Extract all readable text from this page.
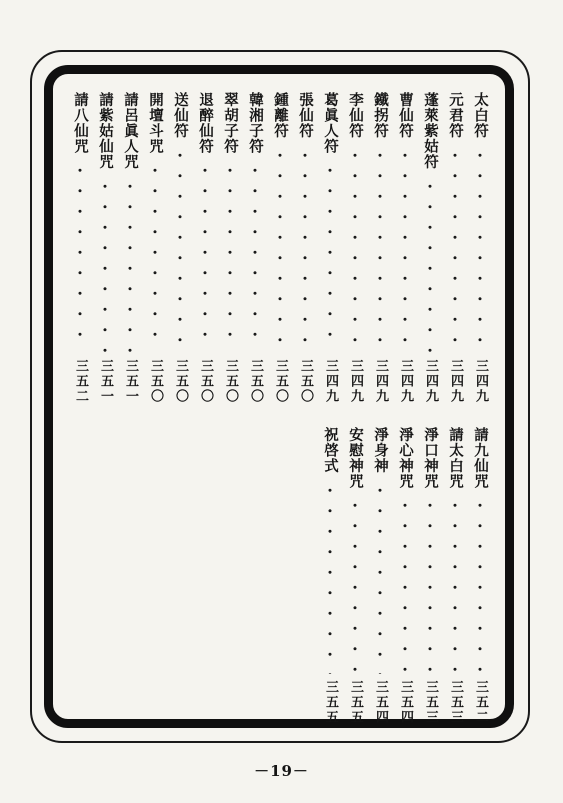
太白符
三四九
元君符
三四九
蓬萊紫姑符
三四九
曹仙符
三四九
鐵拐符
三四九
李仙符
三四九
葛眞人符
三四九
張仙符
三五〇
鍾離符
三五〇
韓湘子符
三五〇
翠胡子符
三五〇
退醉仙符
三五〇
送仙符
三五〇
開壇斗咒
三五〇
請呂眞人咒
三五一
請紫姑仙咒
三五一
請八仙咒
三五二
請九仙咒
三五二
請太白咒
三五三
淨口神咒
三五三
淨心神咒
三五四
淨身神
三五四
安慰神咒
三五五
祝啓式
三五五
－19－
